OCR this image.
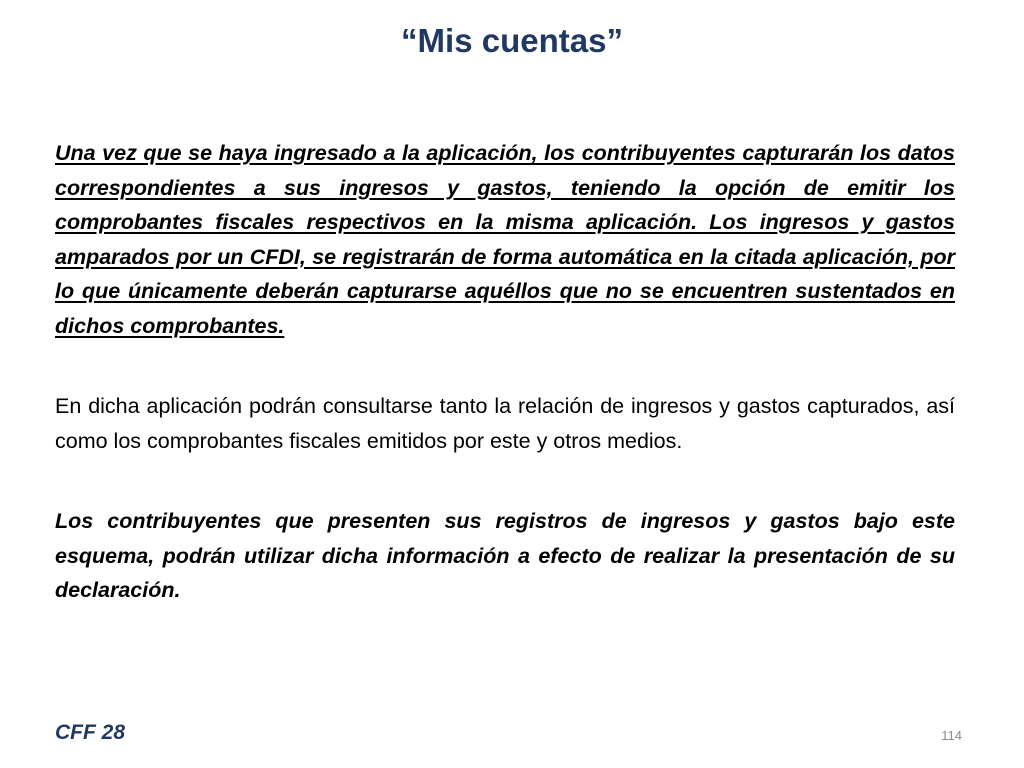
“Mis cuentas”

Una vez que se haya ingresado a la aplicación, los contribuyentes capturarán los datos correspondientes a sus ingresos y gastos, teniendo la opción de emitir los comprobantes fiscales respectivos en la misma aplicación. Los ingresos y gastos amparados por un CFDI, se registrarán de forma automática en la citada aplicación, por lo que únicamente deberán capturarse aquéllos que no se encuentren sustentados en dichos comprobantes.

En dicha aplicación podrán consultarse tanto la relación de ingresos y gastos capturados, así como los comprobantes fiscales emitidos por este y otros medios.

Los contribuyentes que presenten sus registros de ingresos y gastos bajo este esquema, podrán utilizar dicha información a efecto de realizar la presentación de su declaración.

CFF 28	114
